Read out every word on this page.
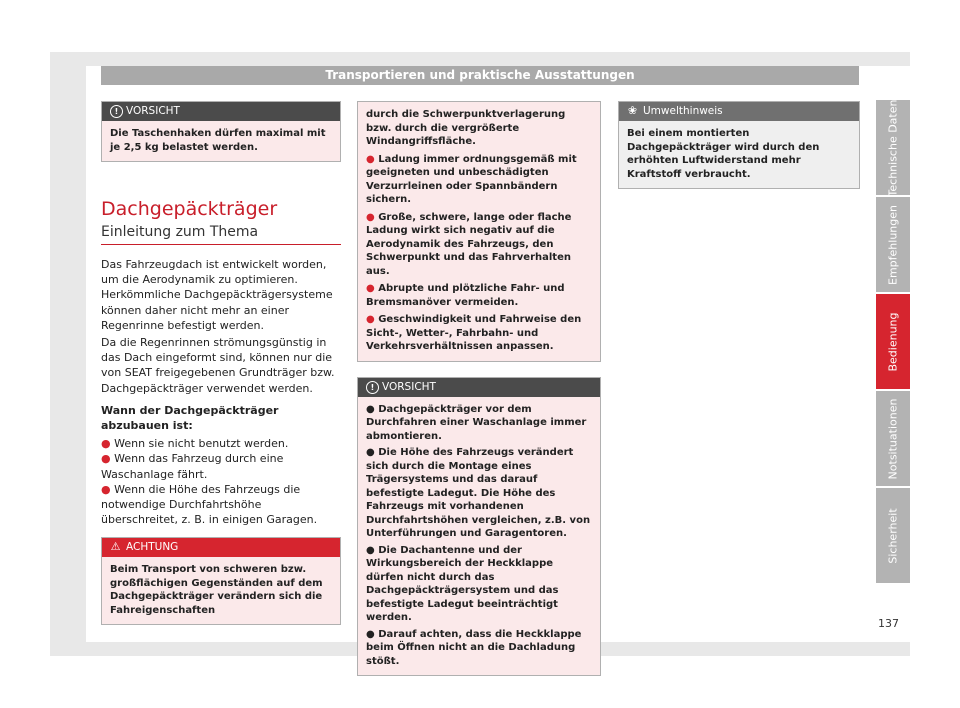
Transportieren und praktische Ausstattungen
! VORSICHT
Die Taschenhaken dürfen maximal mit je 2,5 kg belastet werden.
Dachgepäckträger
Einleitung zum Thema

Das Fahrzeugdach ist entwickelt worden, um die Aerodynamik zu optimieren. Herkömmliche Dachgepäckträgersysteme können daher nicht mehr an einer Regenrinne befestigt werden.

Da die Regenrinnen strömungsgünstig in das Dach eingeformt sind, können nur die von SEAT freigegebenen Grundträger bzw. Dachgepäckträger verwendet werden.

Wann der Dachgepäckträger abzubauen ist:

● Wenn sie nicht benutzt werden.

● Wenn das Fahrzeug durch eine Waschanlage fährt.

● Wenn die Höhe des Fahrzeugs die notwendige Durchfahrtshöhe überschreitet, z. B. in einigen Garagen.

⚠ ACHTUNG
Beim Transport von schweren bzw. großflächigen Gegenständen auf dem Dachgepäckträger verändern sich die Fahreigenschaften

durch die Schwerpunktverlagerung bzw. durch die vergrößerte Windangriffsfläche.

● Ladung immer ordnungsgemäß mit geeigneten und unbeschädigten Verzurrleinen oder Spannbändern sichern.

● Große, schwere, lange oder flache Ladung wirkt sich negativ auf die Aerodynamik des Fahrzeugs, den Schwerpunkt und das Fahrverhalten aus.

● Abrupte und plötzliche Fahr- und Bremsmanöver vermeiden.

● Geschwindigkeit und Fahrweise den Sicht-, Wetter-, Fahrbahn- und Verkehrsverhältnissen anpassen.

! VORSICHT

● Dachgepäckträger vor dem Durchfahren einer Waschanlage immer abmontieren.

● Die Höhe des Fahrzeugs verändert sich durch die Montage eines Trägersystems und das darauf befestigte Ladegut. Die Höhe des Fahrzeugs mit vorhandenen Durchfahrtshöhen vergleichen, z.B. von Unterführungen und Garagentoren.

● Die Dachantenne und der Wirkungsbereich der Heckklappe dürfen nicht durch das Dachgepäckträgersystem und das befestigte Ladegut beeinträchtigt werden.

● Darauf achten, dass die Heckklappe beim Öffnen nicht an die Dachladung stößt.

❀ Umwelthinweis
Bei einem montierten Dachgepäckträger wird durch den erhöhten Luftwiderstand mehr Kraftstoff verbraucht.	Technische Daten
Empfehlungen
Bedienung
Notsituationen
Sicherheit
137
